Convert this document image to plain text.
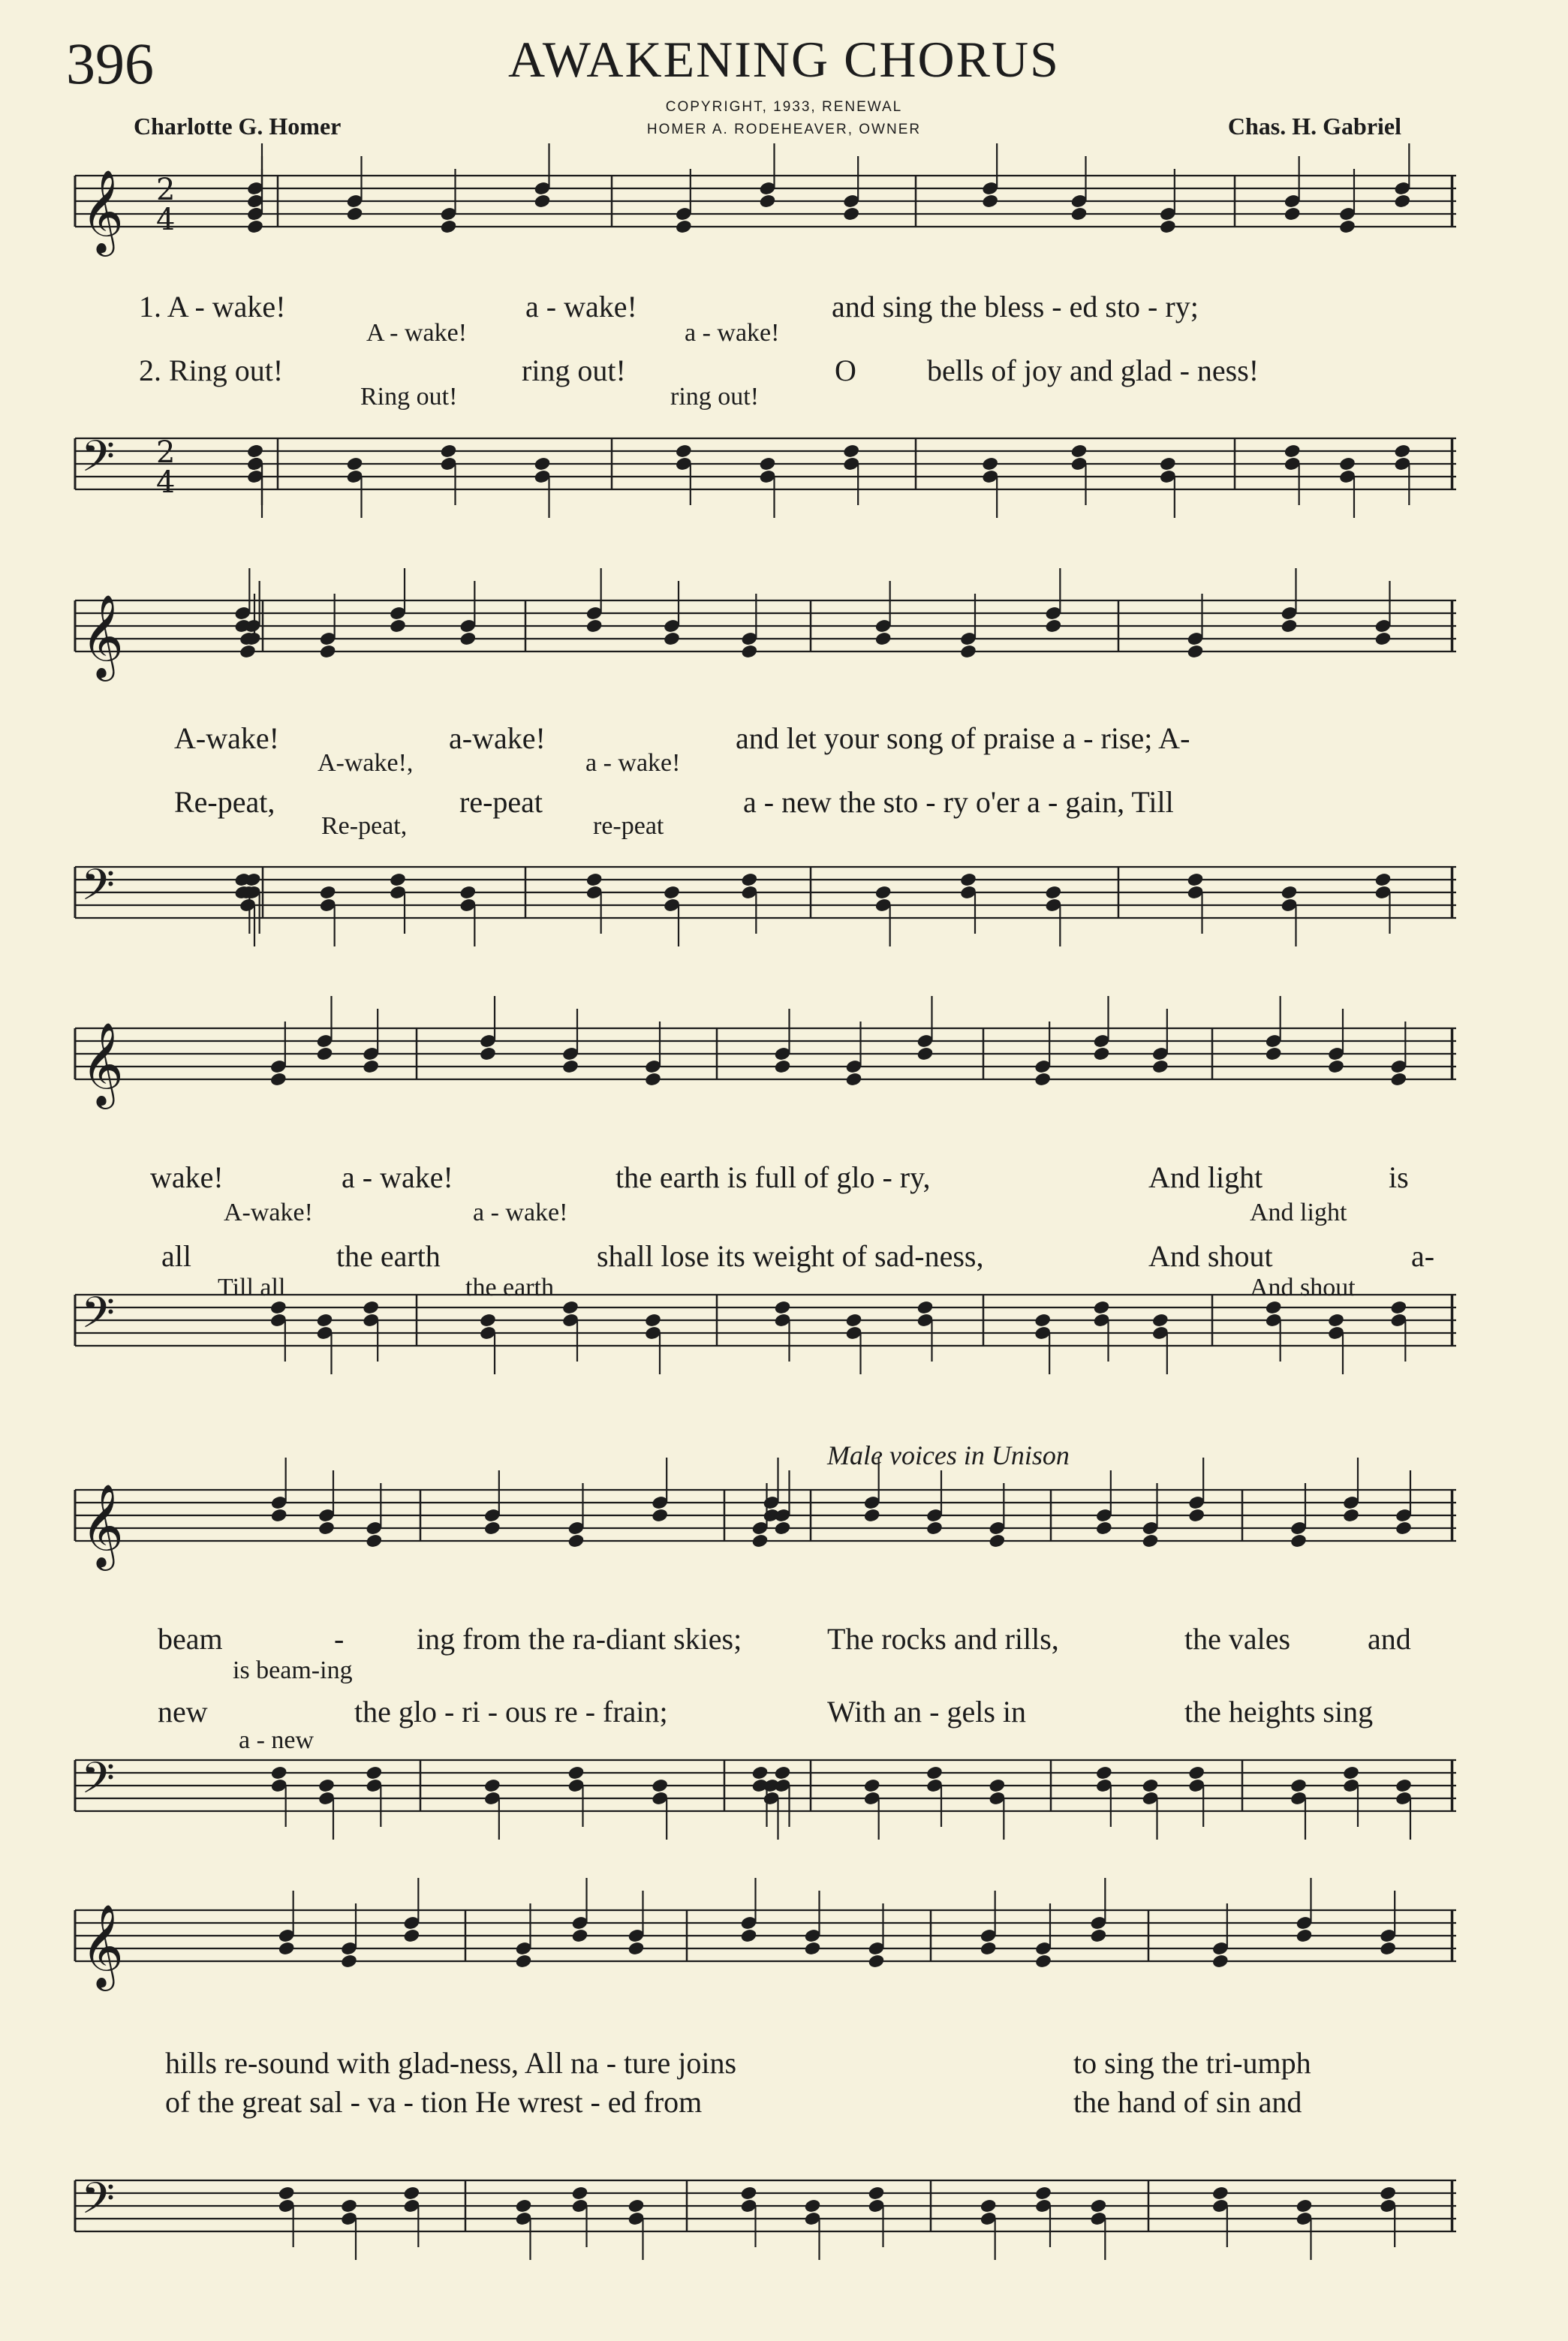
396	AWAKENING CHORUS
COPYRIGHT, 1933, RENEWAL
HOMER A. RODEHEAVER, OWNER
Charlotte G. Homer	Chas. H. Gabriel
𝄞
𝄢
2
4
2
4
𝄞
𝄢
𝄞
𝄢
𝄞
𝄢
𝄞
𝄢
Male voices in Unison
1. A - wake!	a - wake!	and sing the bless - ed sto - ry;
A - wake!	a - wake!
2. Ring out!	ring out!	O bells of joy and glad - ness!
Ring out!	ring out!
A-wake!	a-wake!	and let your song of praise a - rise; A-
A-wake!,	a - wake!
Re-peat,	re-peat	a - new the sto - ry o'er a - gain, Till
Re-peat,	re-peat
wake!	a - wake!	the earth is full of glo - ry,	And light	is
A-wake!	a - wake!	And light
all	the earth	shall lose its weight of sad-ness,	And shout	a-
Till all	the earth	And shout
beam	- ing from the ra-diant skies;	The rocks and rills,	the vales	and
is beam-ing
new	the glo - ri - ous re - frain;	With an - gels in	the heights sing
a - new
hills re-sound with glad-ness, All na - ture joins	to sing the tri-umph
of the great sal - va - tion He wrest - ed from	the hand of sin and
